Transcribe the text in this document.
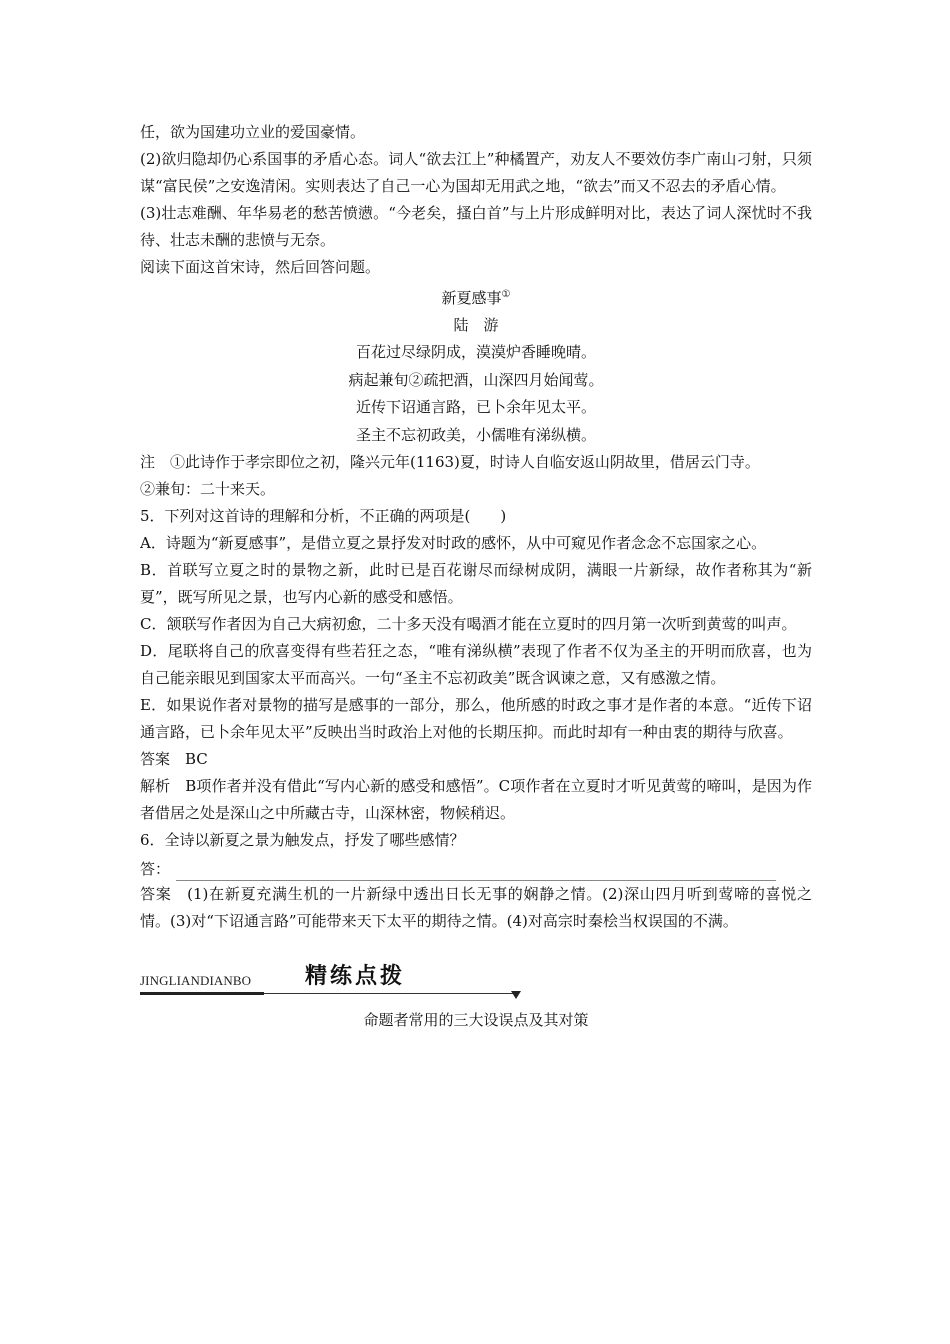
任，欲为国建功立业的爱国豪情。

(2)欲归隐却仍心系国事的矛盾心态。词人“欲去江上”种橘置产，劝友人不要效仿李广南山刁射，只须谋“富民侯”之安逸清闲。实则表达了自己一心为国却无用武之地，“欲去”而又不忍去的矛盾心情。

(3)壮志难酬、年华易老的愁苦愤懑。“今老矣，搔白首”与上片形成鲜明对比，表达了词人深忧时不我待、壮志未酬的悲愤与无奈。

阅读下面这首宋诗，然后回答问题。

新夏感事①

陆　游

百花过尽绿阴成，漠漠炉香睡晚晴。

病起兼旬②疏把酒，山深四月始闻莺。

近传下诏通言路，已卜余年见太平。

圣主不忘初政美，小儒唯有涕纵横。

注　①此诗作于孝宗即位之初，隆兴元年(1163)夏，时诗人自临安返山阴故里，借居云门寺。

②兼旬：二十来天。

5．下列对这首诗的理解和分析，不正确的两项是(　　)

A．诗题为“新夏感事”，是借立夏之景抒发对时政的感怀，从中可窥见作者念念不忘国家之心。

B．首联写立夏之时的景物之新，此时已是百花谢尽而绿树成阴，满眼一片新绿，故作者称其为“新夏”，既写所见之景，也写内心新的感受和感悟。

C．颔联写作者因为自己大病初愈，二十多天没有喝酒才能在立夏时的四月第一次听到黄莺的叫声。

D．尾联将自己的欣喜变得有些若狂之态，“唯有涕纵横”表现了作者不仅为圣主的开明而欣喜，也为自己能亲眼见到国家太平而高兴。一句“圣主不忘初政美”既含讽谏之意，又有感激之情。

E．如果说作者对景物的描写是感事的一部分，那么，他所感的时政之事才是作者的本意。“近传下诏通言路，已卜余年见太平”反映出当时政治上对他的长期压抑。而此时却有一种由衷的期待与欣喜。

答案　BC

解析　B项作者并没有借此“写内心新的感受和感悟”。C项作者在立夏时才听见黄莺的啼叫，是因为作者借居之处是深山之中所藏古寺，山深林密，物候稍迟。

6．全诗以新夏之景为触发点，抒发了哪些感情？

答：

答案　(1)在新夏充满生机的一片新绿中透出日长无事的娴静之情。(2)深山四月听到莺啼的喜悦之情。(3)对“下诏通言路”可能带来天下太平的期待之情。(4)对高宗时秦桧当权误国的不满。

JINGLIANDIANBO 精练点拨

命题者常用的三大设误点及其对策
